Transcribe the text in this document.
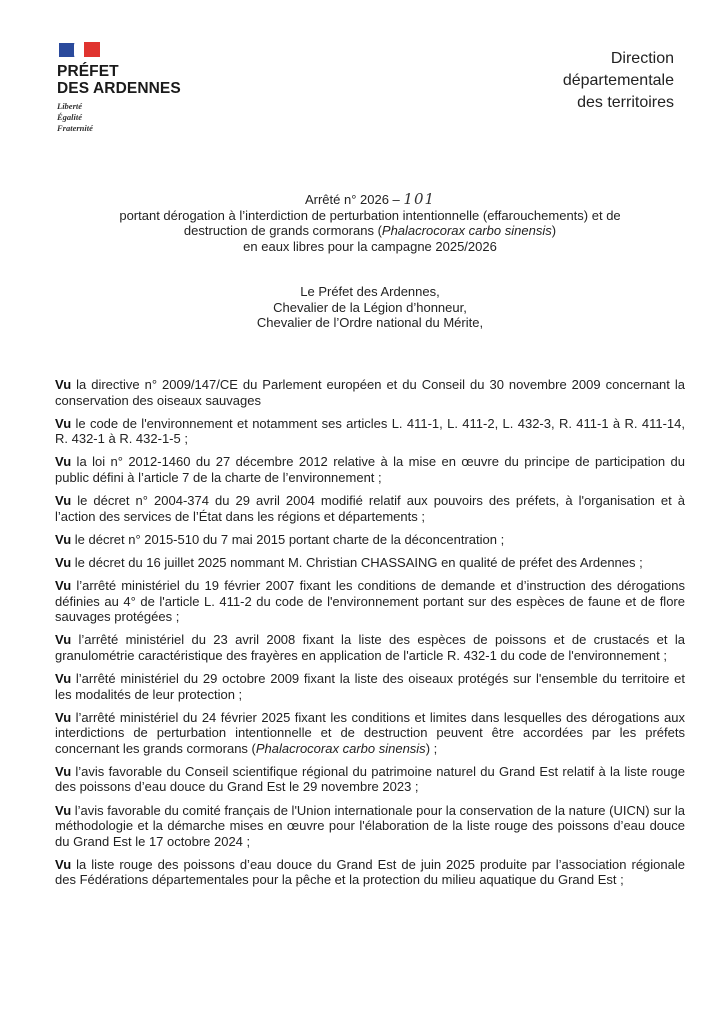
PRÉFET
DES ARDENNES
Liberté
Égalité
Fraternité
Direction
départementale
des territoires
Arrêté n° 2026 – 101
portant dérogation à l’interdiction de perturbation intentionnelle (effarouchements) et de
destruction de grands cormorans (Phalacrocorax carbo sinensis)
en eaux libres pour la campagne 2025/2026
Le Préfet des Ardennes,
Chevalier de la Légion d’honneur,
Chevalier de l’Ordre national du Mérite,

Vu la directive n° 2009/147/CE du Parlement européen et du Conseil du 30 novembre 2009 concernant la conservation des oiseaux sauvages

Vu le code de l'environnement et notamment ses articles L. 411-1, L. 411-2, L. 432-3, R. 411-1 à R. 411-14, R. 432-1 à R. 432-1-5 ;

Vu la loi n° 2012-1460 du 27 décembre 2012 relative à la mise en œuvre du principe de participation du public défini à l’article 7 de la charte de l’environnement ;

Vu le décret n° 2004-374 du 29 avril 2004 modifié relatif aux pouvoirs des préfets, à l'organisation et à l’action des services de l’État dans les régions et départements ;

Vu le décret n° 2015-510 du 7 mai 2015 portant charte de la déconcentration ;

Vu le décret du 16 juillet 2025 nommant M. Christian CHASSAING en qualité de préfet des Ardennes ;

Vu l’arrêté ministériel du 19 février 2007 fixant les conditions de demande et d’instruction des dérogations définies au 4° de l'article L. 411-2 du code de l'environnement portant sur des espèces de faune et de flore sauvages protégées ;

Vu l’arrêté ministériel du 23 avril 2008 fixant la liste des espèces de poissons et de crustacés et la granulométrie caractéristique des frayères en application de l'article R. 432-1 du code de l'environnement ;

Vu l’arrêté ministériel du 29 octobre 2009 fixant la liste des oiseaux protégés sur l'ensemble du territoire et les modalités de leur protection ;

Vu l’arrêté ministériel du 24 février 2025 fixant les conditions et limites dans lesquelles des dérogations aux interdictions de perturbation intentionnelle et de destruction peuvent être accordées par les préfets concernant les grands cormorans (Phalacrocorax carbo sinensis) ;

Vu l’avis favorable du Conseil scientifique régional du patrimoine naturel du Grand Est relatif à la liste rouge des poissons d’eau douce du Grand Est le 29 novembre 2023 ;

Vu l’avis favorable du comité français de l'Union internationale pour la conservation de la nature (UICN) sur la méthodologie et la démarche mises en œuvre pour l'élaboration de la liste rouge des poissons d’eau douce du Grand Est le 17 octobre 2024 ;

Vu la liste rouge des poissons d’eau douce du Grand Est de juin 2025 produite par l’association régionale des Fédérations départementales pour la pêche et la protection du milieu aquatique du Grand Est ;
